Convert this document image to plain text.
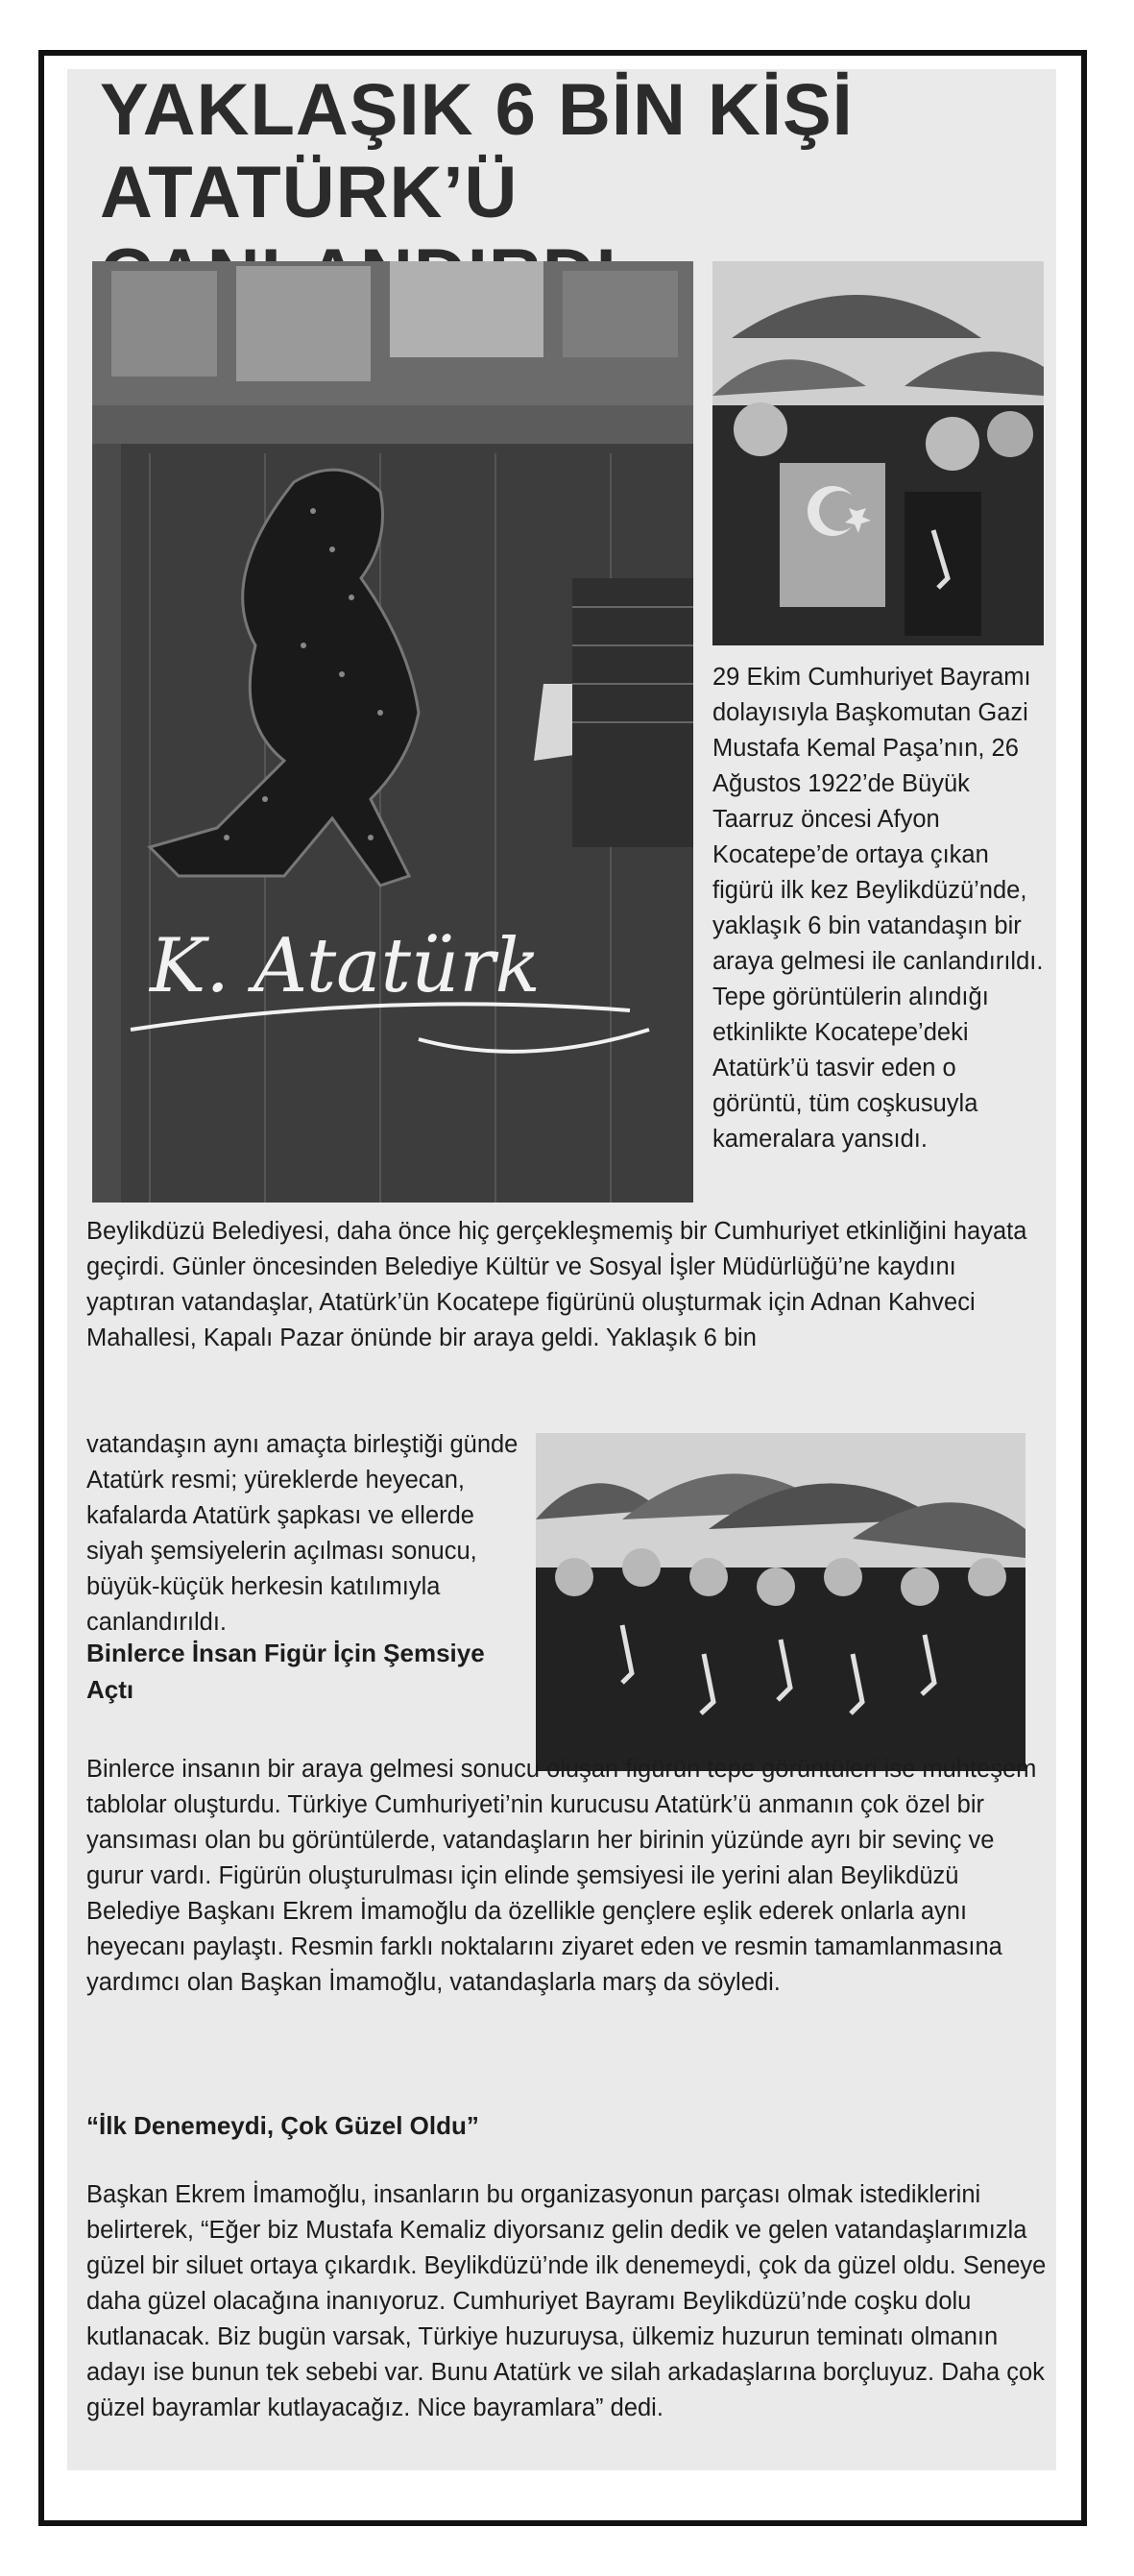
YAKLAŞIK 6 BİN KİŞİ ATATÜRK’Ü
K. Atatürk

29 Ekim Cumhuriyet Bayramı dolayısıyla Başkomutan Gazi Mustafa Kemal Paşa’nın, 26 Ağustos 1922’de Büyük Taarruz öncesi Afyon Kocatepe’de ortaya çıkan figürü ilk kez Beylikdüzü’nde, yaklaşık 6 bin vatandaşın bir araya gelmesi ile canlandırıldı. Tepe görüntülerin alındığı etkinlikte Kocatepe’deki Atatürk’ü tasvir eden o görüntü, tüm coşkusuyla kameralara yansıdı.

Beylikdüzü Belediyesi, daha önce hiç gerçekleşmemiş bir Cumhuriyet etkinliğini hayata geçirdi. Günler öncesinden Belediye Kültür ve Sosyal İşler Müdürlüğü’ne kaydını yaptıran vatandaşlar, Atatürk’ün Kocatepe figürünü oluşturmak için Adnan Kahveci Mahallesi, Kapalı Pazar önünde bir araya geldi. Yaklaşık 6 bin

vatandaşın aynı amaçta birleştiği günde Atatürk resmi; yüreklerde heyecan, kafalarda Atatürk şapkası ve ellerde siyah şemsiyelerin açılması sonucu, büyük-küçük herkesin katılımıyla canlandırıldı.

Binlerce İnsan Figür İçin Şemsiye Açtı

Binlerce insanın bir araya gelmesi sonucu oluşan figürün tepe görüntüleri ise muhteşem tablolar oluşturdu. Türkiye Cumhuriyeti’nin kurucusu Atatürk’ü anmanın çok özel bir yansıması olan bu görüntülerde, vatandaşların her birinin yüzünde ayrı bir sevinç ve gurur vardı. Figürün oluşturulması için elinde şemsiyesi ile yerini alan Beylikdüzü Belediye Başkanı Ekrem İmamoğlu da özellikle gençlere eşlik ederek onlarla aynı heyecanı paylaştı. Resmin farklı noktalarını ziyaret eden ve resmin tamamlanmasına yardımcı olan Başkan İmamoğlu, vatandaşlarla marş da söyledi.

“İlk Denemeydi, Çok Güzel Oldu”

Başkan Ekrem İmamoğlu, insanların bu organizasyonun parçası olmak istediklerini belirterek, “Eğer biz Mustafa Kemaliz diyorsanız gelin dedik ve gelen vatandaşlarımızla güzel bir siluet ortaya çıkardık. Beylikdüzü’nde ilk denemeydi, çok da güzel oldu. Seneye daha güzel olacağına inanıyoruz. Cumhuriyet Bayramı Beylikdüzü’nde coşku dolu kutlanacak. Biz bugün varsak, Türkiye huzuruysa, ülkemiz huzurun teminatı olmanın adayı ise bunun tek sebebi var. Bunu Atatürk ve silah arkadaşlarına borçluyuz. Daha çok güzel bayramlar kutlayacağız. Nice bayramlara” dedi.
